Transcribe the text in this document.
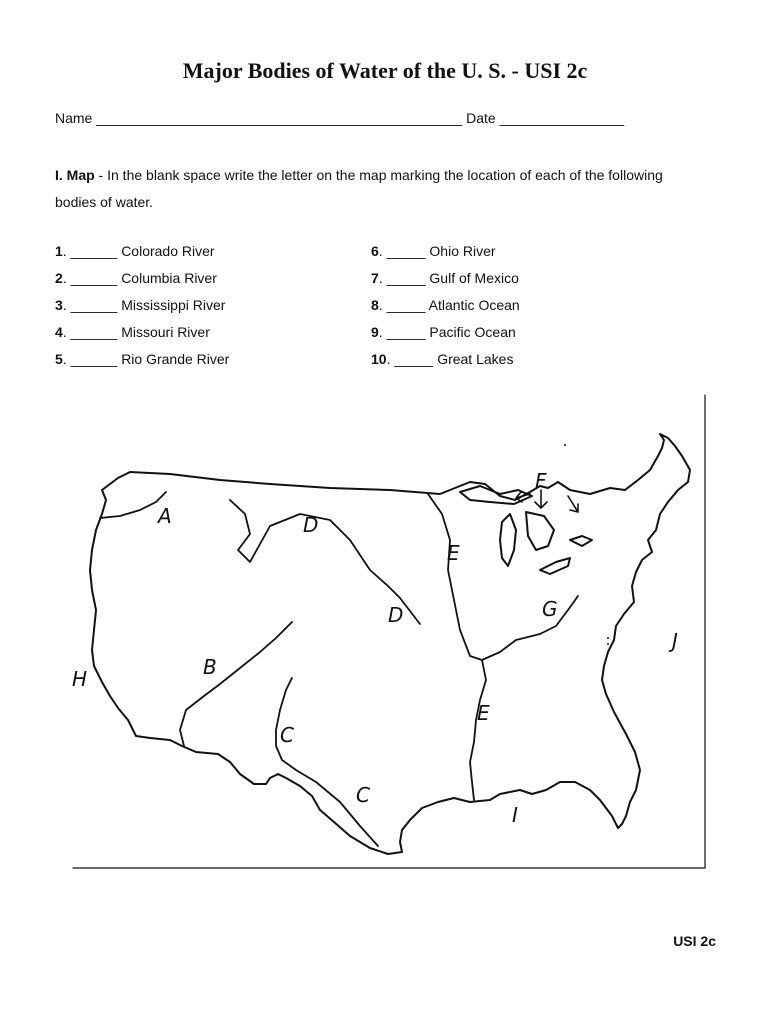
Major Bodies of Water of the U. S. - USI 2c
Name _______________________________________________ Date ________________
I. Map - In the blank space write the letter on the map marking the location of each of the following bodies of water.
1. ______ Colorado River
2. ______ Columbia River
3. ______ Mississippi River
4. ______ Missouri River
5. ______ Rio Grande River
6. _____ Ohio River
7. _____ Gulf of Mexico
8. _____ Atlantic Ocean
9. _____ Pacific Ocean
10. _____ Great Lakes
A
B
C
C
D
D
E
E
F
G
H
I
J
USI 2c
